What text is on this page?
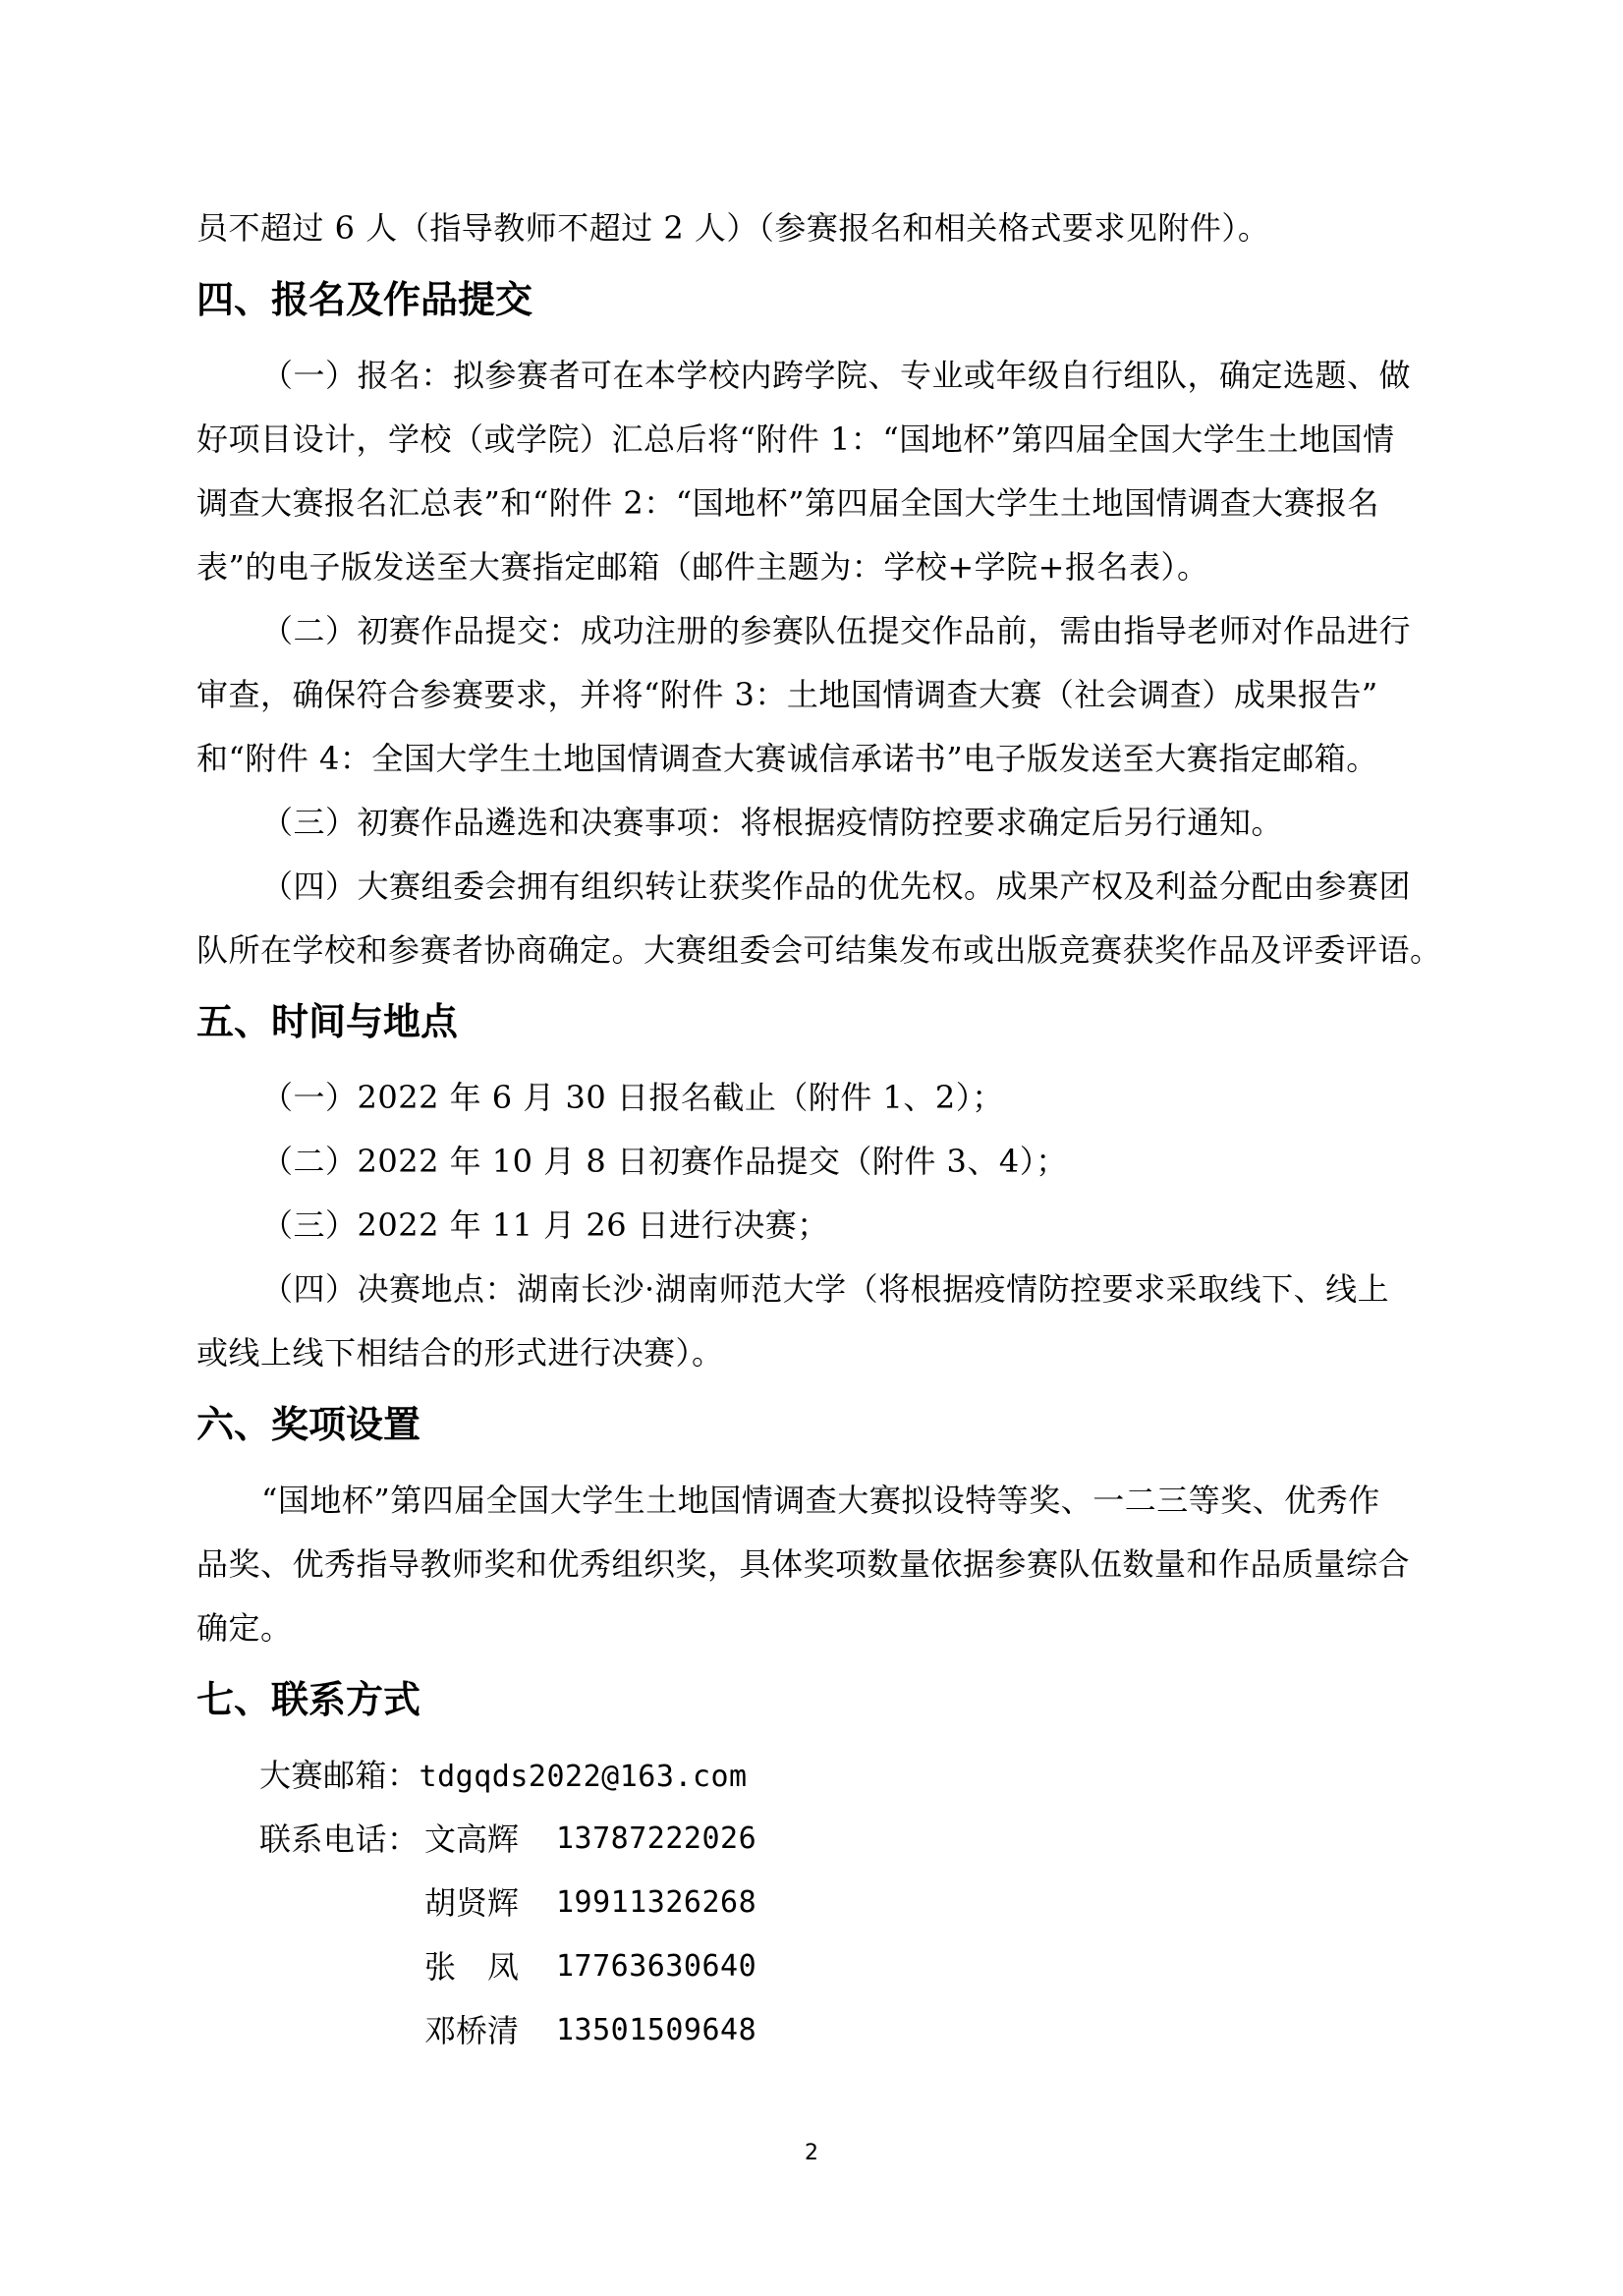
员不超过 6 人（指导教师不超过 2 人）（参赛报名和相关格式要求见附件）。
四、报名及作品提交
（一）报名：拟参赛者可在本学校内跨学院、专业或年级自行组队，确定选题、做
好项目设计，学校（或学院）汇总后将“附件 1：“国地杯”第四届全国大学生土地国情
调查大赛报名汇总表”和“附件 2：“国地杯”第四届全国大学生土地国情调查大赛报名
表”的电子版发送至大赛指定邮箱（邮件主题为：学校+学院+报名表）。
（二）初赛作品提交：成功注册的参赛队伍提交作品前，需由指导老师对作品进行
审查，确保符合参赛要求，并将“附件 3：土地国情调查大赛（社会调查）成果报告”
和“附件 4：全国大学生土地国情调查大赛诚信承诺书”电子版发送至大赛指定邮箱。
（三）初赛作品遴选和决赛事项：将根据疫情防控要求确定后另行通知。
（四）大赛组委会拥有组织转让获奖作品的优先权。成果产权及利益分配由参赛团
队所在学校和参赛者协商确定。大赛组委会可结集发布或出版竞赛获奖作品及评委评语。
五、时间与地点
（一）2022 年 6 月 30 日报名截止（附件 1、2）；
（二）2022 年 10 月 8 日初赛作品提交（附件 3、4）；
（三）2022 年 11 月 26 日进行决赛；
（四）决赛地点：湖南长沙·湖南师范大学（将根据疫情防控要求采取线下、线上
或线上线下相结合的形式进行决赛）。
六、奖项设置
“国地杯”第四届全国大学生土地国情调查大赛拟设特等奖、一二三等奖、优秀作
品奖、优秀指导教师奖和优秀组织奖，具体奖项数量依据参赛队伍数量和作品质量综合
确定。
七、联系方式
大赛邮箱：tdgqds2022@163.com
联系电话： 文高辉 13787222026
胡贤辉 19911326268
张　凤 17763630640
邓桥清 13501509648
2
